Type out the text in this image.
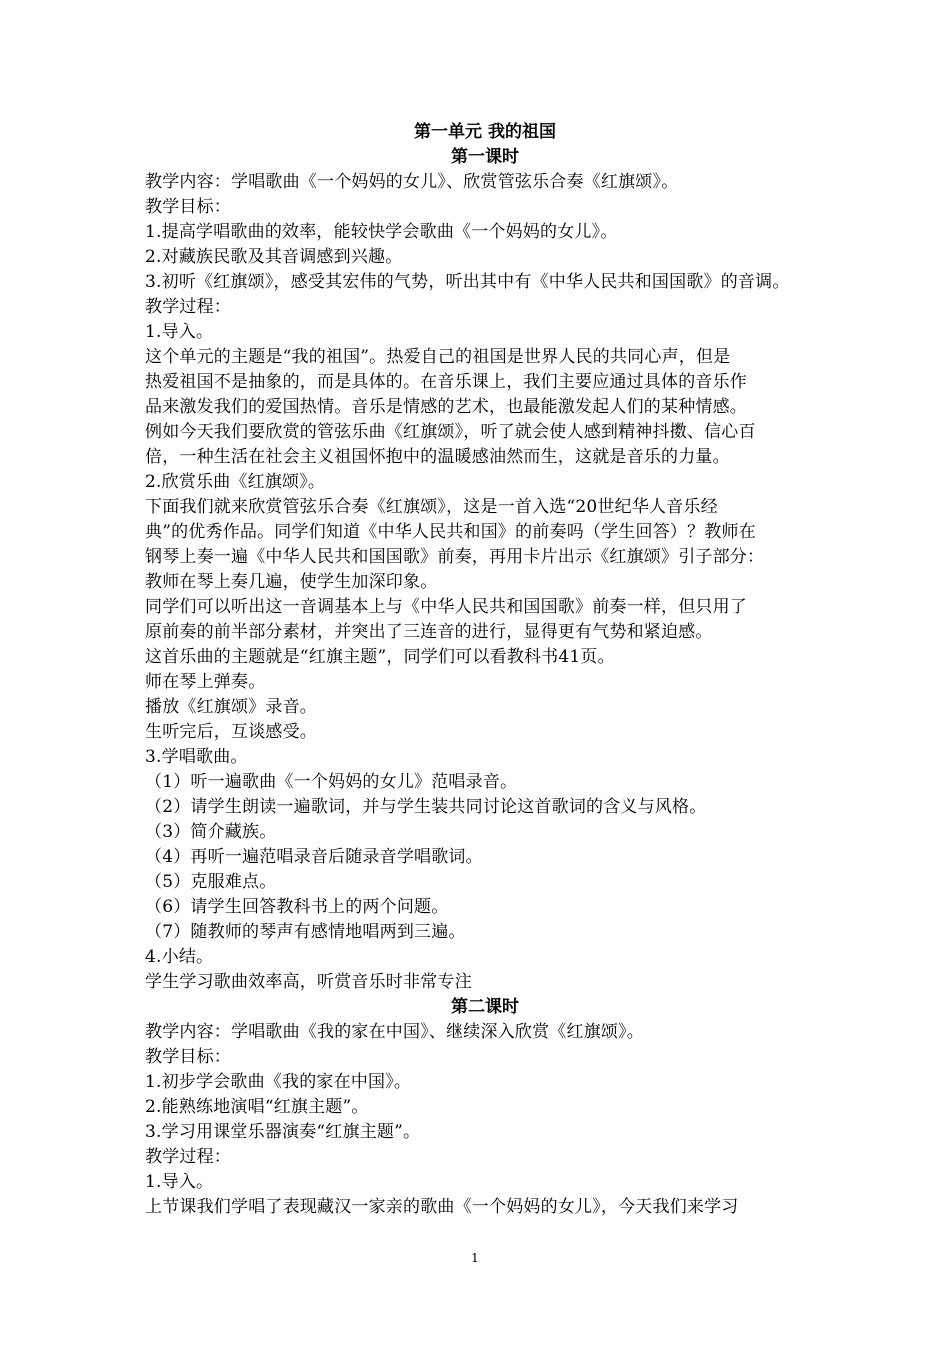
第一单元 我的祖国
第一课时
教学内容：学唱歌曲《一个妈妈的女儿》、欣赏管弦乐合奏《红旗颂》。
教学目标：
1.提高学唱歌曲的效率，能较快学会歌曲《一个妈妈的女儿》。
2.对藏族民歌及其音调感到兴趣。
3.初听《红旗颂》，感受其宏伟的气势，听出其中有《中华人民共和国国歌》的音调。
教学过程：
1.导入。
这个单元的主题是“我的祖国”。热爱自己的祖国是世界人民的共同心声，但是
热爱祖国不是抽象的，而是具体的。在音乐课上，我们主要应通过具体的音乐作
品来激发我们的爱国热情。音乐是情感的艺术，也最能激发起人们的某种情感。
例如今天我们要欣赏的管弦乐曲《红旗颂》，听了就会使人感到精神抖擞、信心百
倍，一种生活在社会主义祖国怀抱中的温暖感油然而生，这就是音乐的力量。
2.欣赏乐曲《红旗颂》。
下面我们就来欣赏管弦乐合奏《红旗颂》，这是一首入选“20世纪华人音乐经
典”的优秀作品。同学们知道《中华人民共和国》的前奏吗（学生回答）？教师在
钢琴上奏一遍《中华人民共和国国歌》前奏，再用卡片出示《红旗颂》引子部分：
教师在琴上奏几遍，使学生加深印象。
同学们可以听出这一音调基本上与《中华人民共和国国歌》前奏一样，但只用了
原前奏的前半部分素材，并突出了三连音的进行，显得更有气势和紧迫感。
这首乐曲的主题就是“红旗主题”，同学们可以看教科书41页。
师在琴上弹奏。
播放《红旗颂》录音。
生听完后，互谈感受。
3.学唱歌曲。
（1）听一遍歌曲《一个妈妈的女儿》范唱录音。
（2）请学生朗读一遍歌词，并与学生装共同讨论这首歌词的含义与风格。
（3）简介藏族。
（4）再听一遍范唱录音后随录音学唱歌词。
（5）克服难点。
（6）请学生回答教科书上的两个问题。
（7）随教师的琴声有感情地唱两到三遍。
4.小结。
学生学习歌曲效率高，听赏音乐时非常专注
第二课时
教学内容：学唱歌曲《我的家在中国》、继续深入欣赏《红旗颂》。
教学目标：
1.初步学会歌曲《我的家在中国》。
2.能熟练地演唱“红旗主题”。
3.学习用课堂乐器演奏“红旗主题”。
教学过程：
1.导入。
上节课我们学唱了表现藏汉一家亲的歌曲《一个妈妈的女儿》，今天我们来学习
1
